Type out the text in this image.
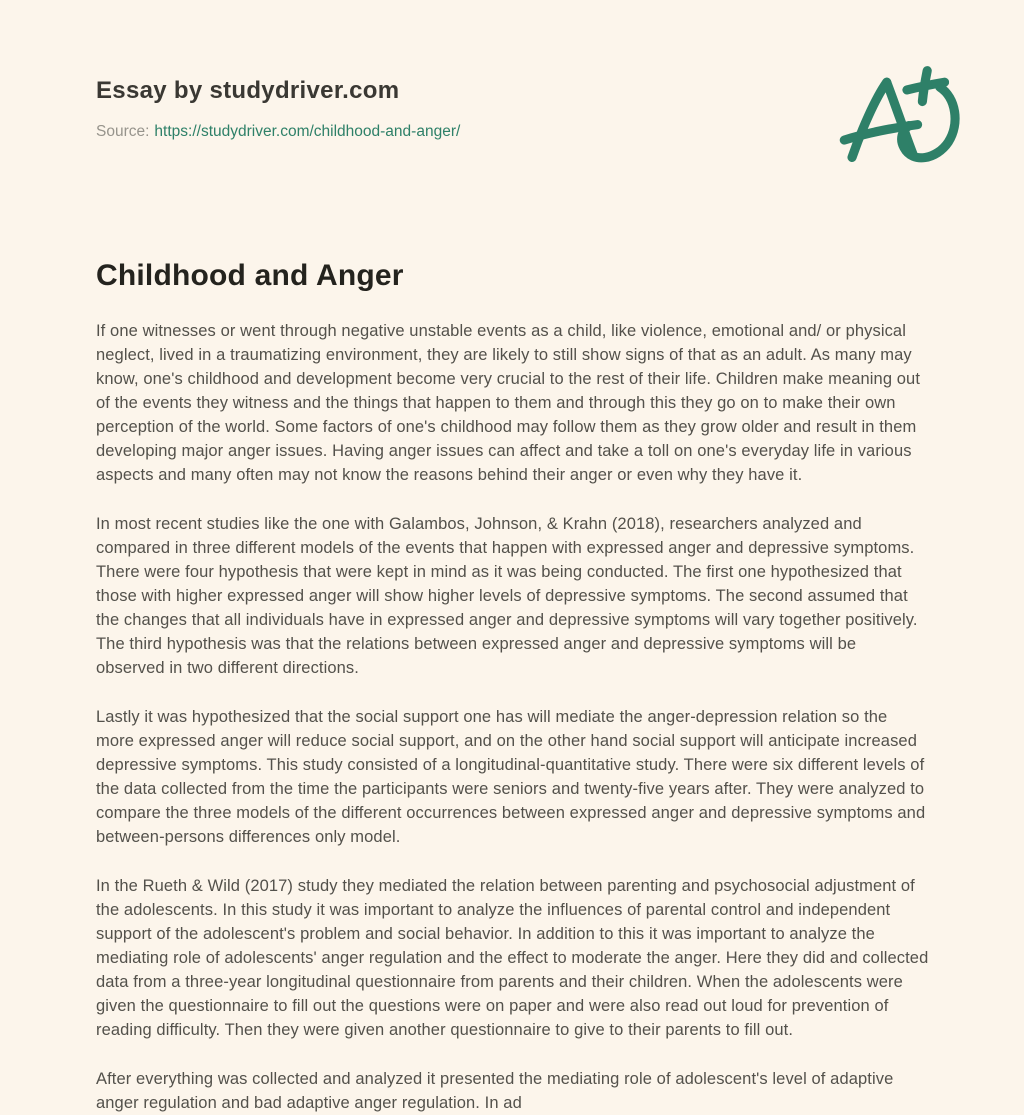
Essay by studydriver.com
Source: https://studydriver.com/childhood-and-anger/
Childhood and Anger

If one witnesses or went through negative unstable events as a child, like violence, emotional and/ or physical neglect, lived in a traumatizing environment, they are likely to still show signs of that as an adult. As many may know, one's childhood and development become very crucial to the rest of their life. Children make meaning out of the events they witness and the things that happen to them and through this they go on to make their own perception of the world. Some factors of one's childhood may follow them as they grow older and result in them developing major anger issues. Having anger issues can affect and take a toll on one's everyday life in various aspects and many often may not know the reasons behind their anger or even why they have it.

In most recent studies like the one with Galambos, Johnson, & Krahn (2018), researchers analyzed and compared in three different models of the events that happen with expressed anger and depressive symptoms. There were four hypothesis that were kept in mind as it was being conducted. The first one hypothesized that those with higher expressed anger will show higher levels of depressive symptoms. The second assumed that the changes that all individuals have in expressed anger and depressive symptoms will vary together positively. The third hypothesis was that the relations between expressed anger and depressive symptoms will be observed in two different directions.

Lastly it was hypothesized that the social support one has will mediate the anger-depression relation so the more expressed anger will reduce social support, and on the other hand social support will anticipate increased depressive symptoms. This study consisted of a longitudinal-quantitative study. There were six different levels of the data collected from the time the participants were seniors and twenty-five years after. They were analyzed to compare the three models of the different occurrences between expressed anger and depressive symptoms and between-persons differences only model.

In the Rueth & Wild (2017) study they mediated the relation between parenting and psychosocial adjustment of the adolescents. In this study it was important to analyze the influences of parental control and independent support of the adolescent's problem and social behavior. In addition to this it was important to analyze the mediating role of adolescents' anger regulation and the effect to moderate the anger. Here they did and collected data from a three-year longitudinal questionnaire from parents and their children. When the adolescents were given the questionnaire to fill out the questions were on paper and were also read out loud for prevention of reading difficulty. Then they were given another questionnaire to give to their parents to fill out.

After everything was collected and analyzed it presented the mediating role of adolescent's level of adaptive anger regulation and bad adaptive anger regulation. In ad
